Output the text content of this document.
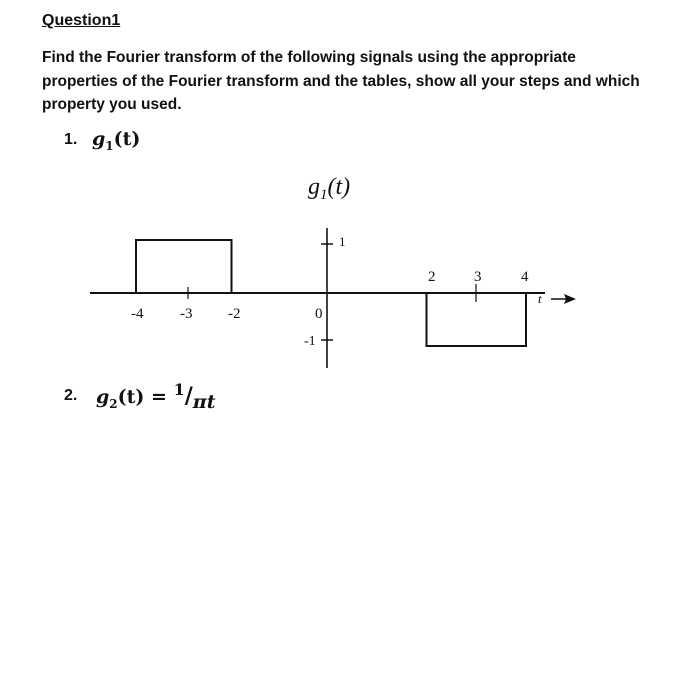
Question1
Find the Fourier transform of the following signals using the appropriate properties of the Fourier transform and the tables, show all your steps and which property you used.
1. $g_1(t)$
$g_1(t)$
-4 -3 -2
2	3	4
0
1
-1
t
2. $g_2(t) = ^1/\pi t$
